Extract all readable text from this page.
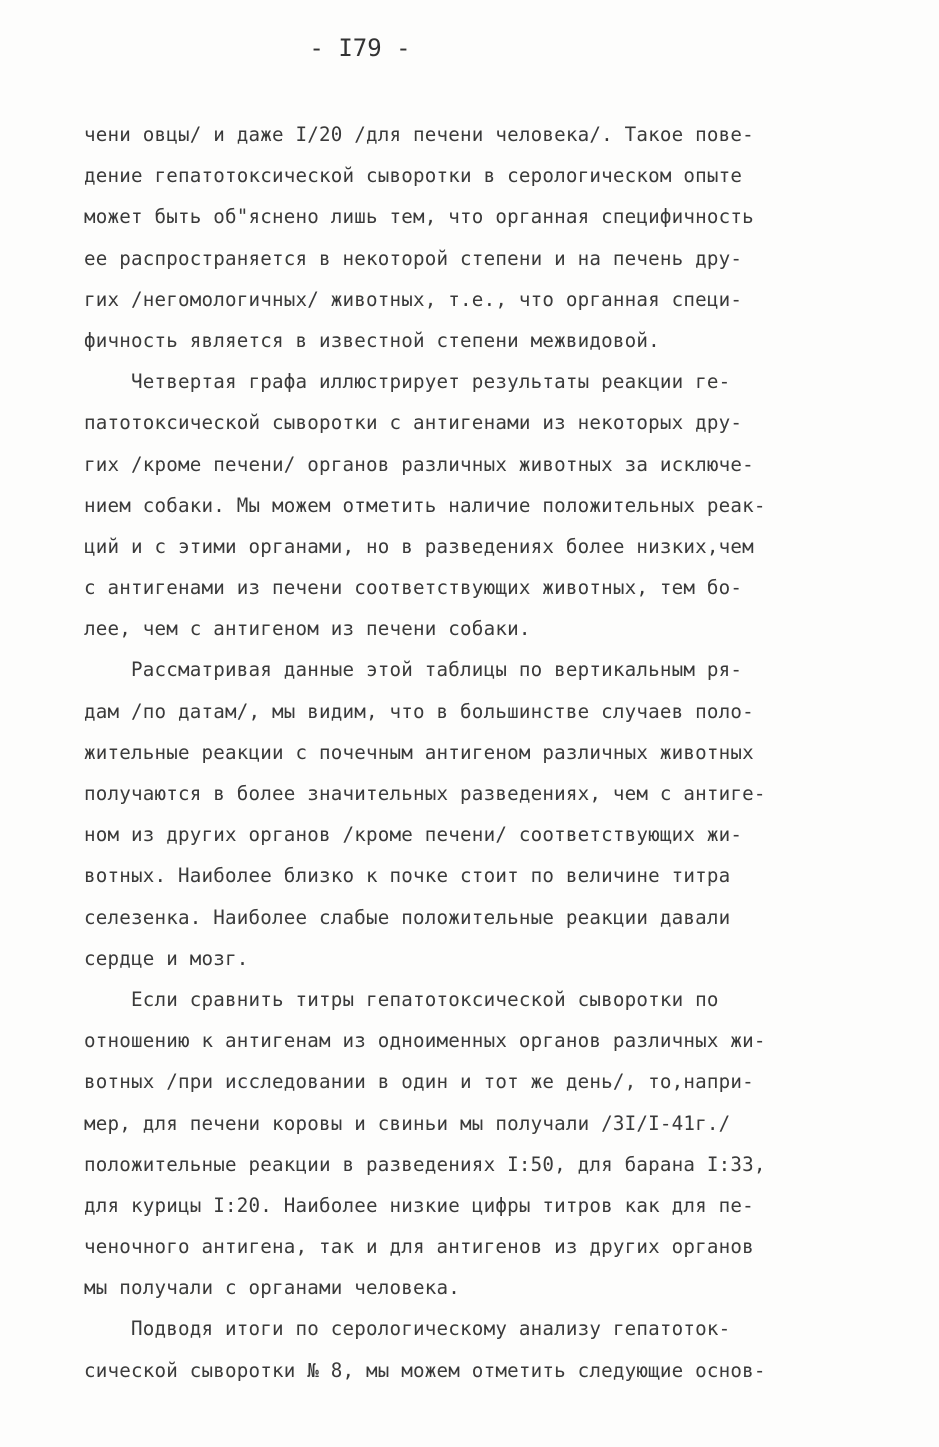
- I79 -
чени овцы/ и даже I/20 /для печени человека/. Такое пове-
дение гепатотоксической сыворотки в серологическом опыте
может быть об"яснено лишь тем, что органная специфичность
ее распространяется в некоторой степени и на печень дру-
гих /негомологичных/ животных, т.е., что органная специ-
фичность является в известной степени межвидовой.
Четвертая графа иллюстрирует результаты реакции ге-
патотоксической сыворотки с антигенами из некоторых дру-
гих /кроме печени/ органов различных животных за исключе-
нием собаки. Мы можем отметить наличие положительных реак-
ций и с этими органами, но в разведениях более низких,чем
с антигенами из печени соответствующих животных, тем бо-
лее, чем с антигеном из печени собаки.
Рассматривая данные этой таблицы по вертикальным ря-
дам /по датам/, мы видим, что в большинстве случаев поло-
жительные реакции с почечным антигеном различных животных
получаются в более значительных разведениях, чем с антиге-
ном из других органов /кроме печени/ соответствующих жи-
вотных. Наиболее близко к почке стоит по величине титра
селезенка. Наиболее слабые положительные реакции давали
сердце и мозг.
Если сравнить титры гепатотоксической сыворотки по
отношению к антигенам из одноименных органов различных жи-
вотных /при исследовании в один и тот же день/, то,напри-
мер, для печени коровы и свиньи мы получали /3I/I-41г./
положительные реакции в разведениях I:50, для барана I:33,
для курицы I:20. Наиболее низкие цифры титров как для пе-
ченочного антигена, так и для антигенов из других органов
мы получали с органами человека.
Подводя итоги по серологическому анализу гепатоток-
сической сыворотки № 8, мы можем отметить следующие основ-
